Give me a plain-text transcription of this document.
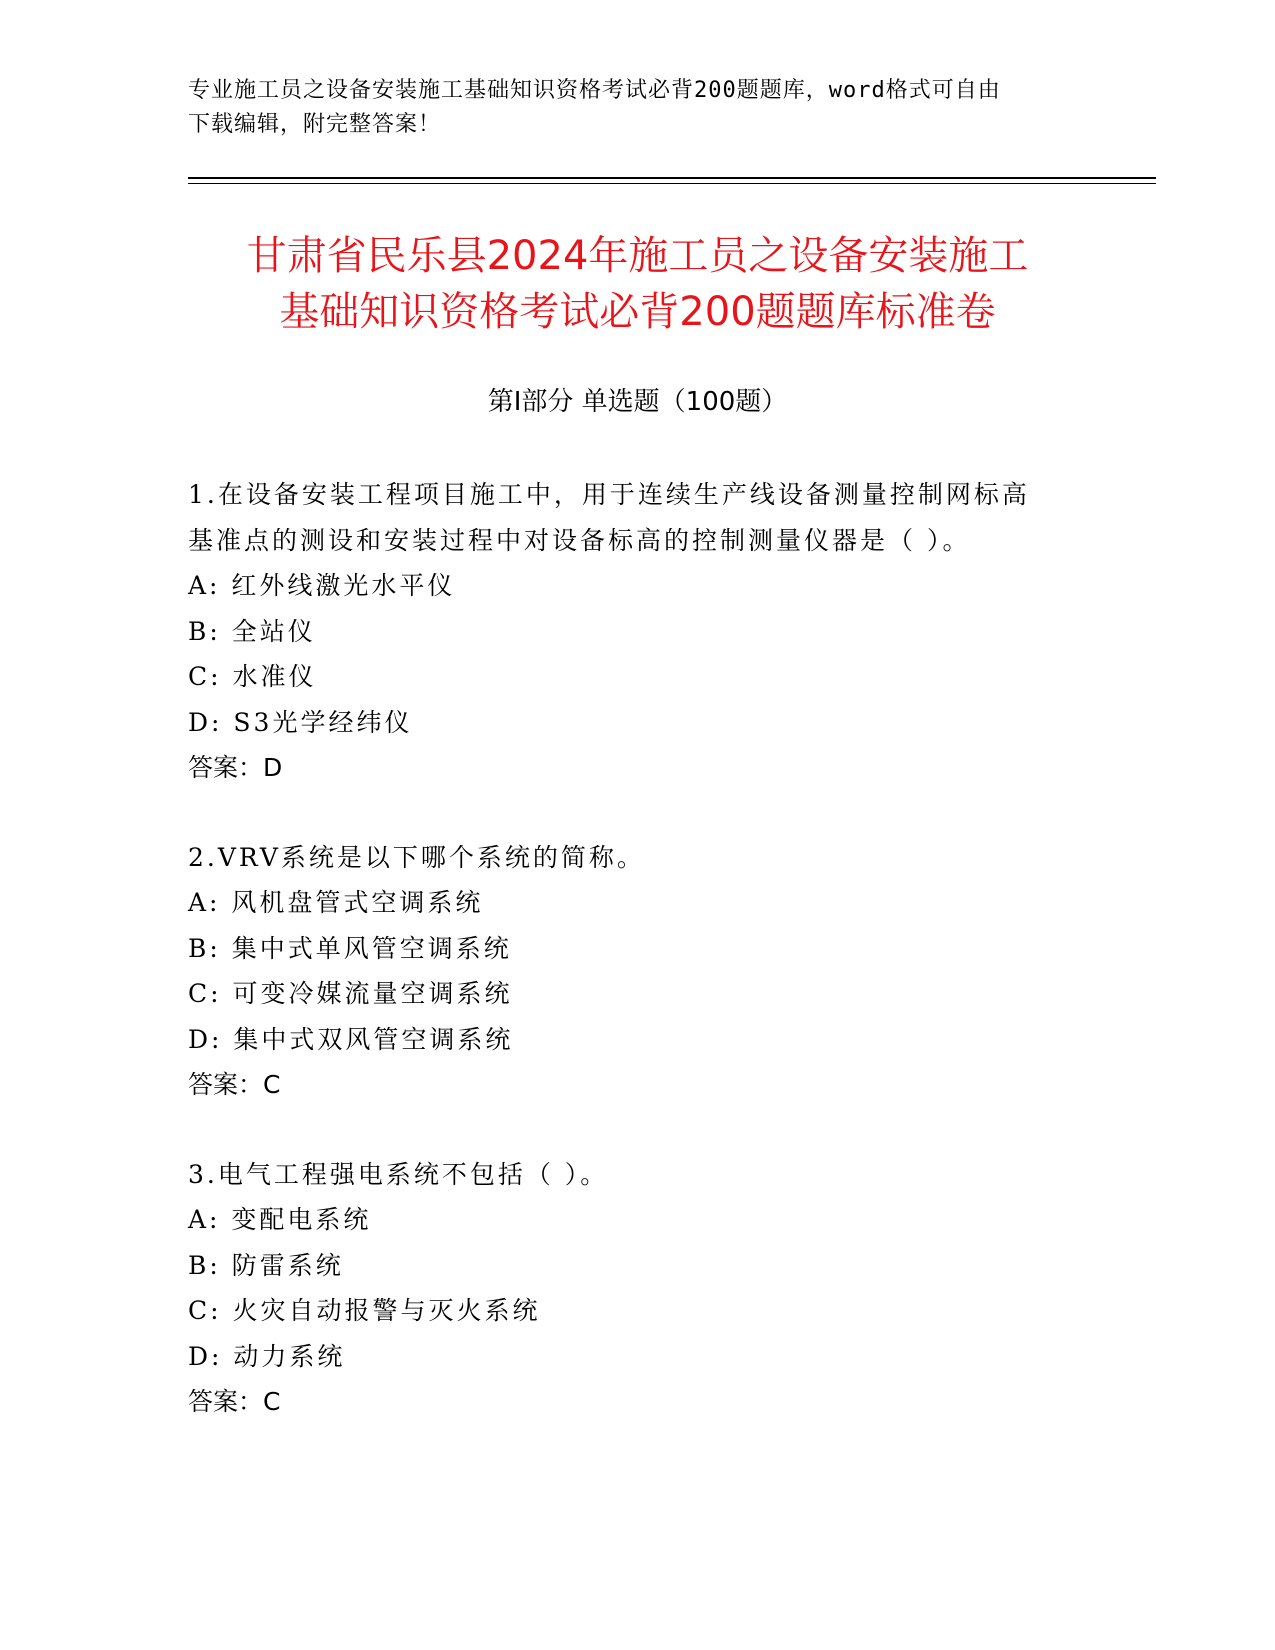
专业施工员之设备安装施工基础知识资格考试必背200题题库，word格式可自由
下载编辑，附完整答案！
甘肃省民乐县2024年施工员之设备安装施工
基础知识资格考试必背200题题库标准卷
第Ⅰ部分 单选题（100题）

1.在设备安装工程项目施工中，用于连续生产线设备测量控制网标高

基准点的测设和安装过程中对设备标高的控制测量仪器是（ ）。

A: 红外线激光水平仪

B: 全站仪

C: 水准仪

D: S3光学经纬仪

答案：D

2.VRV系统是以下哪个系统的简称。

A: 风机盘管式空调系统

B: 集中式单风管空调系统

C: 可变冷媒流量空调系统

D: 集中式双风管空调系统

答案：C

3.电气工程强电系统不包括（ ）。

A: 变配电系统

B: 防雷系统

C: 火灾自动报警与灭火系统

D: 动力系统

答案：C
